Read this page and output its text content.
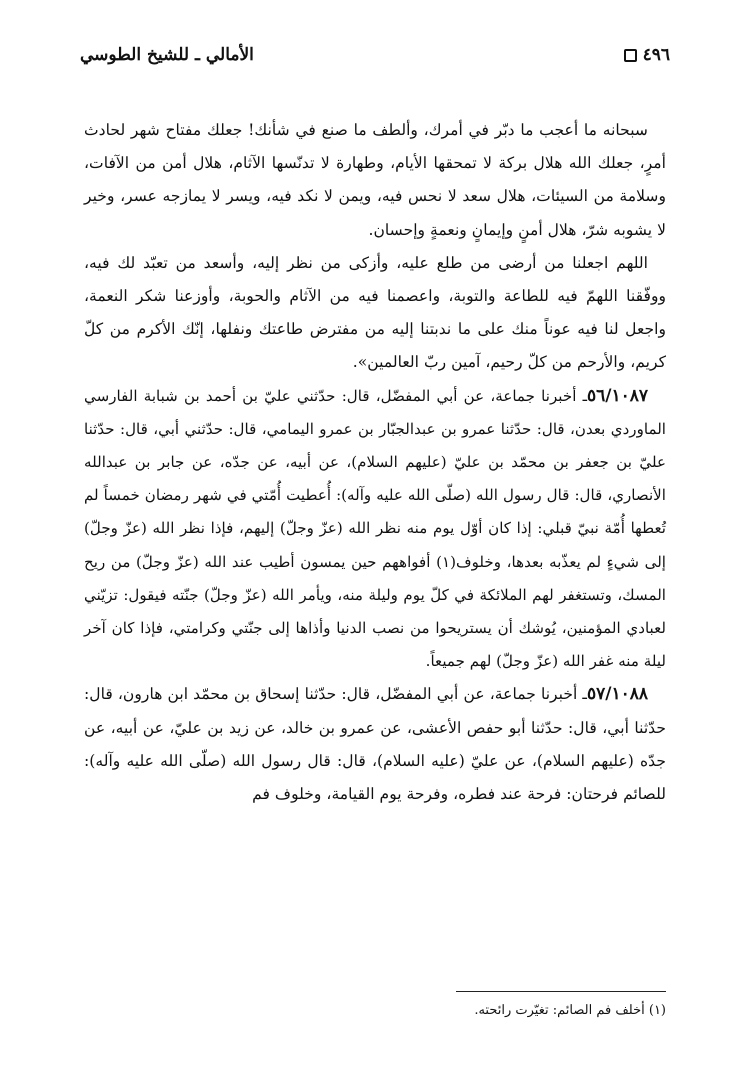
٤٩٦
الأمالي ـ للشيخ الطوسي

سبحانه ما أعجب ما دبّر في أمرك، وألطف ما صنع في شأنك! جعلك مفتاح شهر لحادث أمرٍ، جعلك الله هلال بركة لا تمحقها الأيام، وطهارة لا تدنّسها الآثام، هلال أمن من الآفات، وسلامة من السيئات، هلال سعد لا نحس فيه، ويمن لا نكد فيه، ويسر لا يمازجه عسر، وخير لا يشوبه شرّ، هلال أمنٍ وإيمانٍ ونعمةٍ وإحسان.

اللهم اجعلنا من أرضى من طلع عليه، وأزكى من نظر إليه، وأسعد من تعبّد لك فيه، ووفّقنا اللهمّ فيه للطاعة والتوبة، واعصمنا فيه من الآثام والحوبة، وأوزعنا شكر النعمة، واجعل لنا فيه عوناً منك على ما ندبتنا إليه من مفترض طاعتك ونفلها، إنّك الأكرم من كلّ كريم، والأرحم من كلّ رحيم، آمين ربّ العالمين».

٥٦/١٠٨٧ـ أخبرنا جماعة، عن أبي المفضّل، قال: حدّثني عليّ بن أحمد بن شبابة الفارسي الماوردي بعدن، قال: حدّثنا عمرو بن عبدالجبّار بن عمرو اليمامي، قال: حدّثني أبي، قال: حدّثنا عليّ بن جعفر بن محمّد بن عليّ (عليهم السلام)، عن أبيه، عن جدّه، عن جابر بن عبدالله الأنصاري، قال: قال رسول الله (صلّى الله عليه وآله): أُعطيت أُمّتي في شهر رمضان خمساً لم تُعطها أُمّة نبيّ قبلي: إذا كان أوّل يوم منه نظر الله (عزّ وجلّ) إليهم، فإذا نظر الله (عزّ وجلّ) إلى شيءٍ لم يعذّبه بعدها، وخلوف(١) أفواههم حين يمسون أطيب عند الله (عزّ وجلّ) من ريح المسك، وتستغفر لهم الملائكة في كلّ يوم وليلة منه، ويأمر الله (عزّ وجلّ) جنّته فيقول: تزيّني لعبادي المؤمنين، يُوشك أن يستريحوا من نصب الدنيا وأذاها إلى جنّتي وكرامتي، فإذا كان آخر ليلة منه غفر الله (عزّ وجلّ) لهم جميعاً.

٥٧/١٠٨٨ـ أخبرنا جماعة، عن أبي المفضّل، قال: حدّثنا إسحاق بن محمّد ابن هارون، قال: حدّثنا أبي، قال: حدّثنا أبو حفص الأعشى، عن عمرو بن خالد، عن زيد بن عليّ، عن أبيه، عن جدّه (عليهم السلام)، عن عليّ (عليه السلام)، قال: قال رسول الله (صلّى الله عليه وآله): للصائم فرحتان: فرحة عند فطره، وفرحة يوم القيامة، وخلوف فم

(١) أخلف فم الصائم: تغيّرت رائحته.
